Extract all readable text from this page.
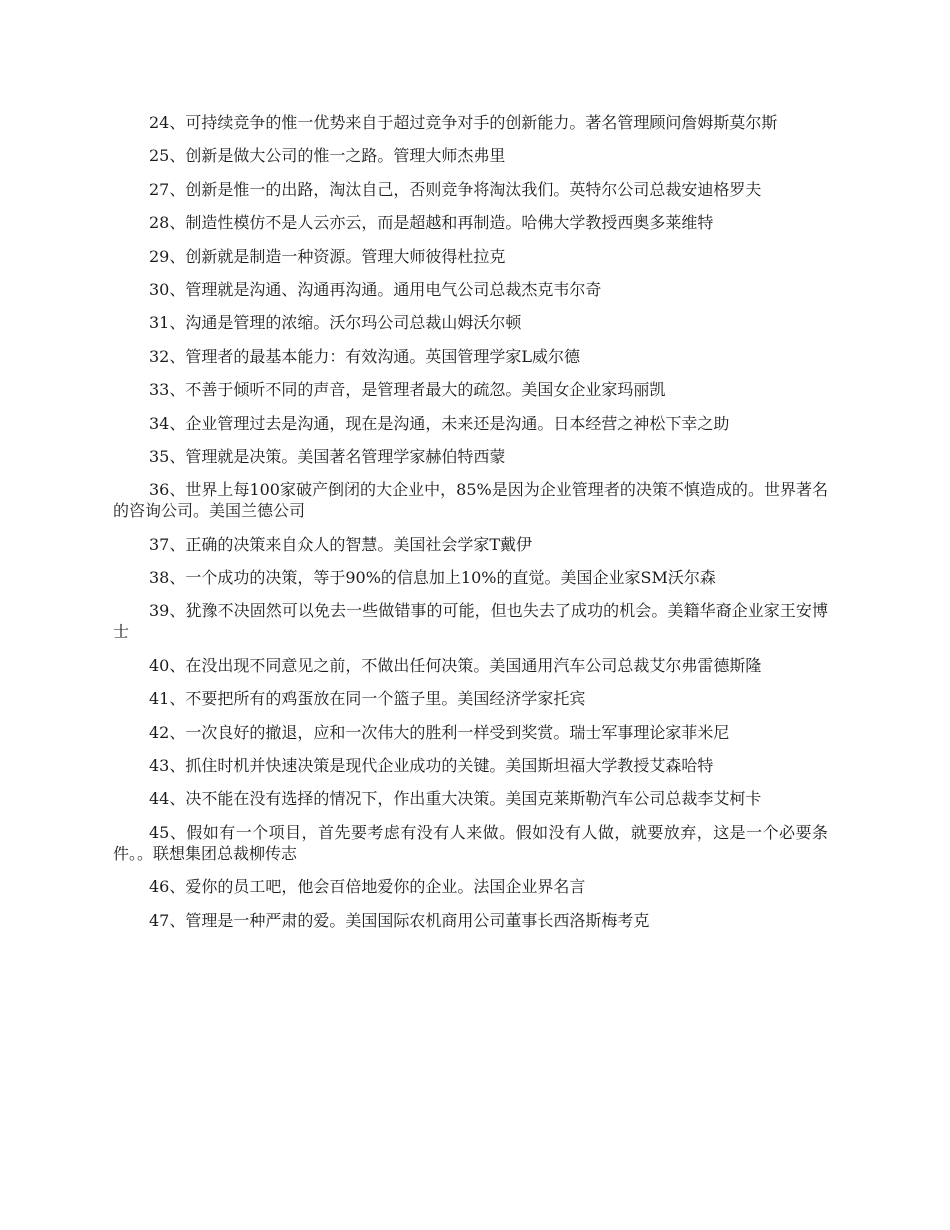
24、可持续竞争的惟一优势来自于超过竞争对手的创新能力。著名管理顾问詹姆斯莫尔斯

25、创新是做大公司的惟一之路。管理大师杰弗里

27、创新是惟一的出路，淘汰自己，否则竞争将淘汰我们。英特尔公司总裁安迪格罗夫

28、制造性模仿不是人云亦云，而是超越和再制造。哈佛大学教授西奥多莱维特

29、创新就是制造一种资源。管理大师彼得杜拉克

30、管理就是沟通、沟通再沟通。通用电气公司总裁杰克韦尔奇

31、沟通是管理的浓缩。沃尔玛公司总裁山姆沃尔顿

32、管理者的最基本能力：有效沟通。英国管理学家L威尔德

33、不善于倾听不同的声音，是管理者最大的疏忽。美国女企业家玛丽凯

34、企业管理过去是沟通，现在是沟通，未来还是沟通。日本经营之神松下幸之助

35、管理就是决策。美国著名管理学家赫伯特西蒙

36、世界上每100家破产倒闭的大企业中，85%是因为企业管理者的决策不慎造成的。世界著名的咨询公司。美国兰德公司

37、正确的决策来自众人的智慧。美国社会学家T戴伊

38、一个成功的决策，等于90%的信息加上10%的直觉。美国企业家SM沃尔森

39、犹豫不决固然可以免去一些做错事的可能，但也失去了成功的机会。美籍华裔企业家王安博士

40、在没出现不同意见之前，不做出任何决策。美国通用汽车公司总裁艾尔弗雷德斯隆

41、不要把所有的鸡蛋放在同一个篮子里。美国经济学家托宾

42、一次良好的撤退，应和一次伟大的胜利一样受到奖赏。瑞士军事理论家菲米尼

43、抓住时机并快速决策是现代企业成功的关键。美国斯坦福大学教授艾森哈特

44、决不能在没有选择的情况下，作出重大决策。美国克莱斯勒汽车公司总裁李艾柯卡

45、假如有一个项目，首先要考虑有没有人来做。假如没有人做，就要放弃，这是一个必要条件。。联想集团总裁柳传志

46、爱你的员工吧，他会百倍地爱你的企业。法国企业界名言

47、管理是一种严肃的爱。美国国际农机商用公司董事长西洛斯梅考克
